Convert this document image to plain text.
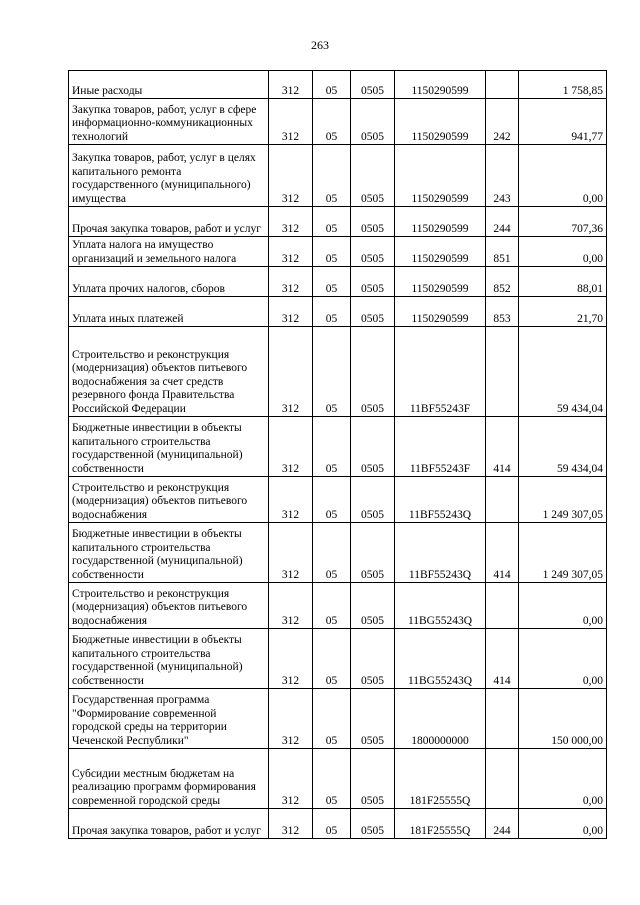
263
Иные расходы	312	05	0505	1150290599		1 758,85
Закупка товаров, работ, услуг в сфере информационно-коммуникационных технологий	312	05	0505	1150290599	242	941,77
Закупка товаров, работ, услуг в целях капитального ремонта государственного (муниципального) имущества	312	05	0505	1150290599	243	0,00
Прочая закупка товаров, работ и услуг	312	05	0505	1150290599	244	707,36
Уплата налога на имущество организаций и земельного налога	312	05	0505	1150290599	851	0,00
Уплата прочих налогов, сборов	312	05	0505	1150290599	852	88,01
Уплата иных платежей	312	05	0505	1150290599	853	21,70
Строительство и реконструкция (модернизация) объектов питьевого водоснабжения за счет средств резервного фонда Правительства Российской Федерации	312	05	0505	11BF55243F		59 434,04
Бюджетные инвестиции в объекты капитального строительства государственной (муниципальной) собственности	312	05	0505	11BF55243F	414	59 434,04
Строительство и реконструкция (модернизация) объектов питьевого водоснабжения	312	05	0505	11BF55243Q		1 249 307,05
Бюджетные инвестиции в объекты капитального строительства государственной (муниципальной) собственности	312	05	0505	11BF55243Q	414	1 249 307,05
Строительство и реконструкция (модернизация) объектов питьевого водоснабжения	312	05	0505	11BG55243Q		0,00
Бюджетные инвестиции в объекты капитального строительства государственной (муниципальной) собственности	312	05	0505	11BG55243Q	414	0,00
Государственная программа "Формирование современной городской среды на территории Чеченской Республики"	312	05	0505	1800000000		150 000,00
Субсидии местным бюджетам на реализацию программ формирования современной городской среды	312	05	0505	181F25555Q		0,00
Прочая закупка товаров, работ и услуг	312	05	0505	181F25555Q	244	0,00
